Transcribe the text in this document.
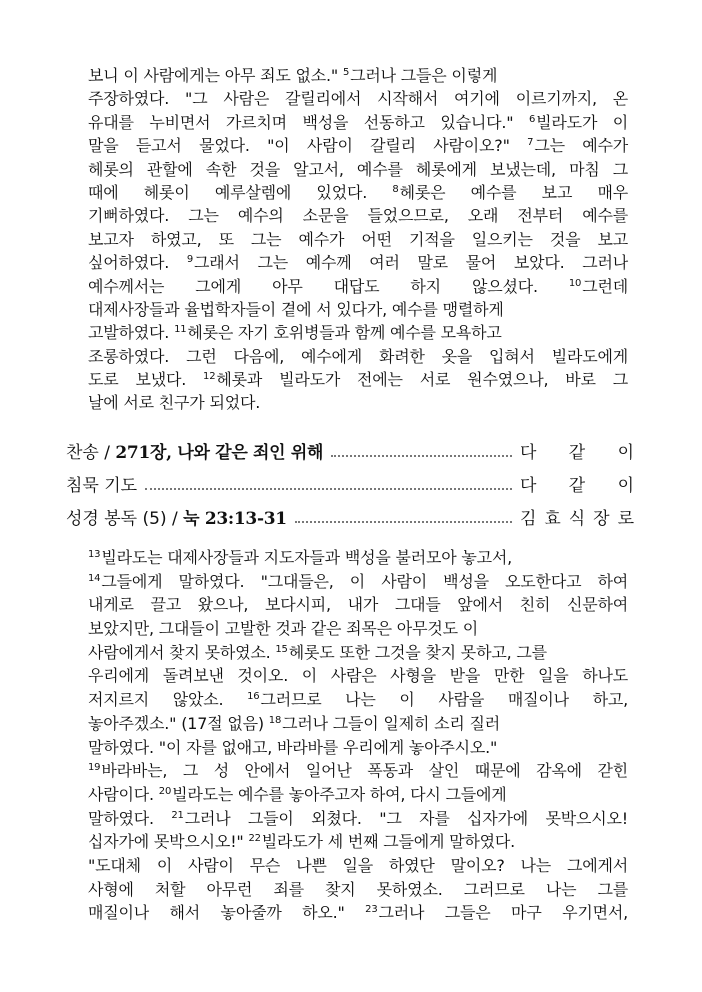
보니 이 사람에게는 아무 죄도 없소." $^5$그러나 그들은 이렇게
주장하였다. "그 사람은 갈릴리에서 시작해서 여기에 이르기까지, 온
유대를 누비면서 가르치며 백성을 선동하고 있습니다." $^6$빌라도가 이
말을 듣고서 물었다. "이 사람이 갈릴리 사람이오?" $^7$그는 예수가
헤롯의 관할에 속한 것을 알고서, 예수를 헤롯에게 보냈는데, 마침 그
때에 헤롯이 예루살렘에 있었다. $^8$헤롯은 예수를 보고 매우
기뻐하였다. 그는 예수의 소문을 들었으므로, 오래 전부터 예수를
보고자 하였고, 또 그는 예수가 어떤 기적을 일으키는 것을 보고
싶어하였다. $^9$그래서 그는 예수께 여러 말로 물어 보았다. 그러나
예수께서는 그에게 아무 대답도 하지 않으셨다. $^{10}$그런데
대제사장들과 율법학자들이 곁에 서 있다가, 예수를 맹렬하게
고발하였다. $^{11}$헤롯은 자기 호위병들과 함께 예수를 모욕하고
조롱하였다. 그런 다음에, 예수에게 화려한 옷을 입혀서 빌라도에게
도로 보냈다. $^{12}$헤롯과 빌라도가 전에는 서로 원수였으나, 바로 그
날에 서로 친구가 되었다.
찬송 / 271장, 나와 같은 죄인 위해	다 같 이
침묵 기도	다 같 이
성경 봉독 (5) / 눅 23:13-31	김 효 식 장 로
$^{13}$빌라도는 대제사장들과 지도자들과 백성을 불러모아 놓고서,
$^{14}$그들에게 말하였다. "그대들은, 이 사람이 백성을 오도한다고 하여
내게로 끌고 왔으나, 보다시피, 내가 그대들 앞에서 친히 신문하여
보았지만, 그대들이 고발한 것과 같은 죄목은 아무것도 이
사람에게서 찾지 못하였소. $^{15}$헤롯도 또한 그것을 찾지 못하고, 그를
우리에게 돌려보낸 것이오. 이 사람은 사형을 받을 만한 일을 하나도
저지르지 않았소. $^{16}$그러므로 나는 이 사람을 매질이나 하고,
놓아주겠소." (17절 없음) $^{18}$그러나 그들이 일제히 소리 질러
말하였다. "이 자를 없애고, 바라바를 우리에게 놓아주시오."
$^{19}$바라바는, 그 성 안에서 일어난 폭동과 살인 때문에 감옥에 갇힌
사람이다. $^{20}$빌라도는 예수를 놓아주고자 하여, 다시 그들에게
말하였다. $^{21}$그러나 그들이 외쳤다. "그 자를 십자가에 못박으시오!
십자가에 못박으시오!" $^{22}$빌라도가 세 번째 그들에게 말하였다.
"도대체 이 사람이 무슨 나쁜 일을 하였단 말이오? 나는 그에게서
사형에 처할 아무런 죄를 찾지 못하였소. 그러므로 나는 그를
매질이나 해서 놓아줄까 하오." $^{23}$그러나 그들은 마구 우기면서,
